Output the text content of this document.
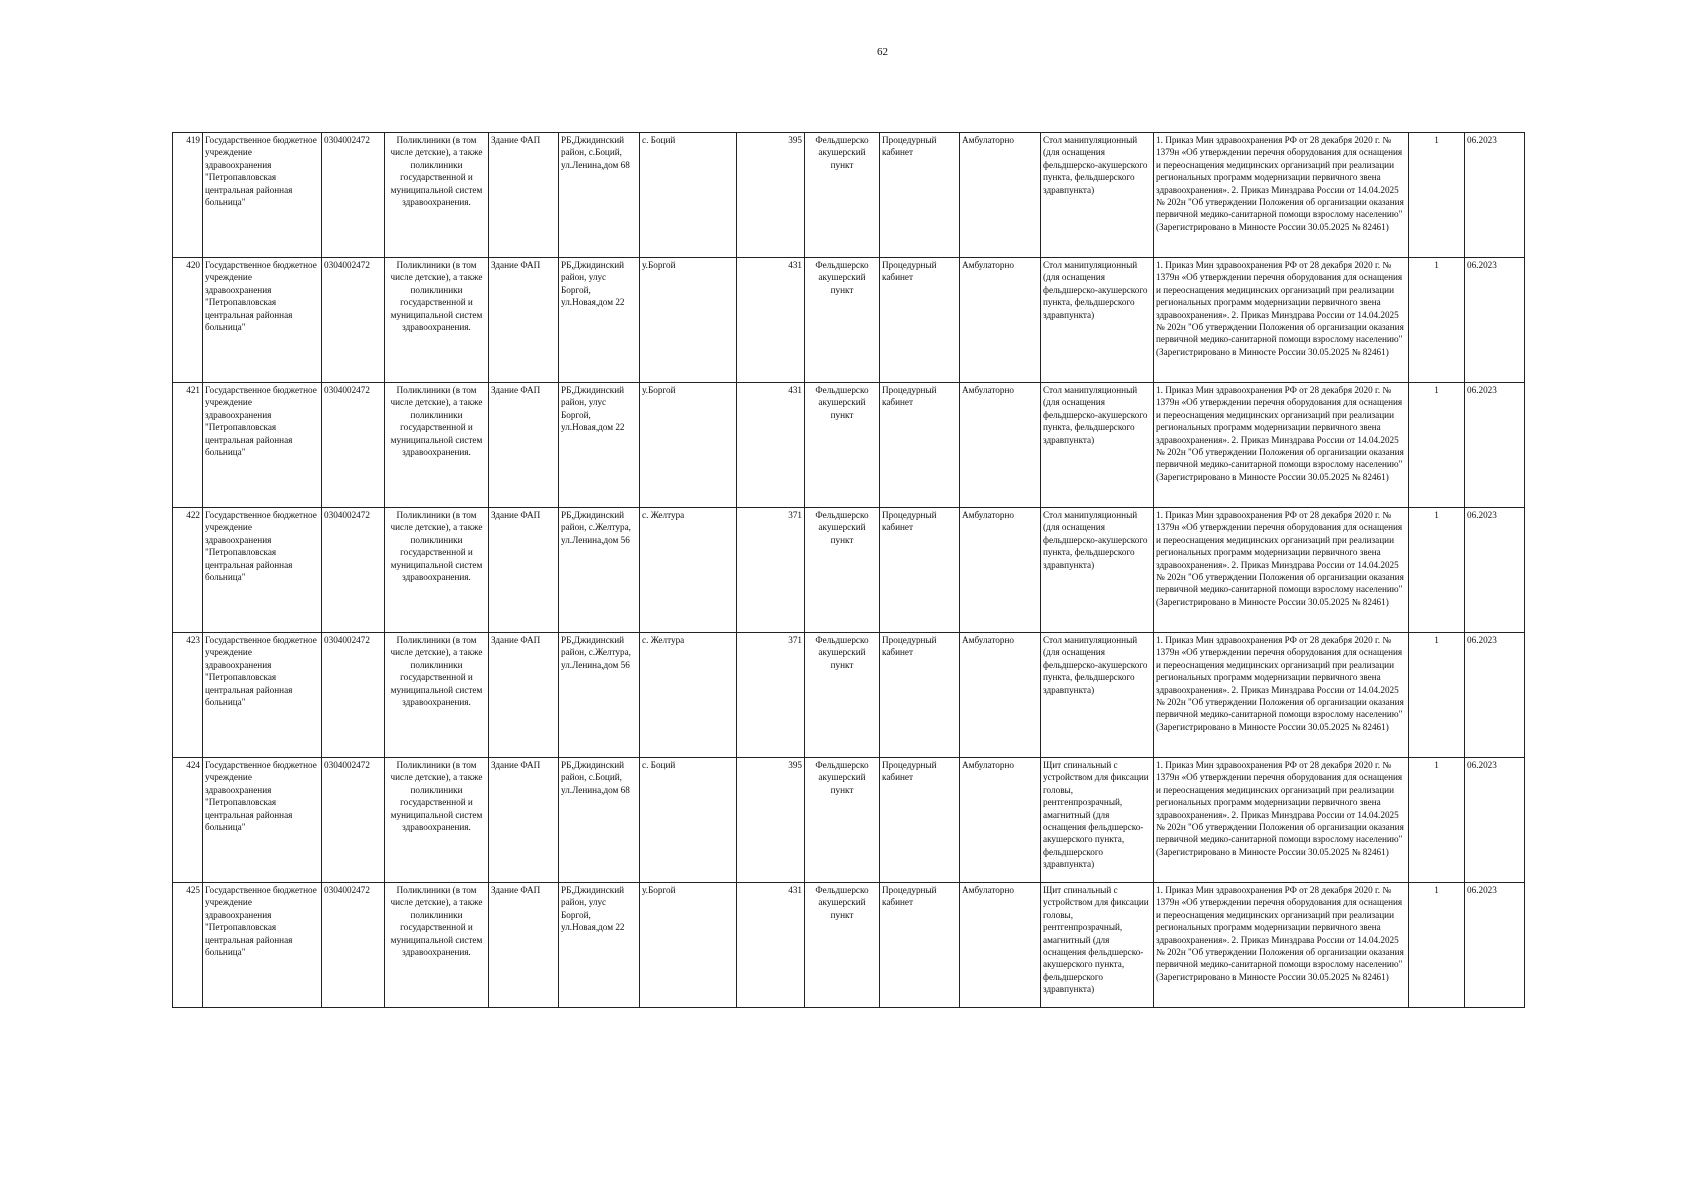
62
419	Государственное бюджетное учреждение здравоохранения "Петропавловская центральная районная больница"	0304002472	Поликлиники (в том числе детские), а также поликлиники государственной и муниципальной систем здравоохранения.	Здание ФАП	РБ,Джидинский район, с.Боций, ул.Ленина,дом 68	с. Боций	395	Фельдшерско акушерский пункт	Процедурный кабинет	Амбулаторно	Стол манипуляционный (для оснащения фельдшерско-акушерского пункта, фельдшерского здравпункта)	1. Приказ Мин здравоохранения РФ от 28 декабря 2020 г. № 1379н «Об утверждении перечня оборудования для оснащения и переоснащения медицинских организаций при реализации региональных программ модернизации первичного звена здравоохранения». 2. Приказ Минздрава России от 14.04.2025 № 202н "Об утверждении Положения об организации оказания первичной медико-санитарной помощи взрослому населению" (Зарегистрировано в Минюсте России 30.05.2025 № 82461)	1	06.2023
420	Государственное бюджетное учреждение здравоохранения "Петропавловская центральная районная больница"	0304002472	Поликлиники (в том числе детские), а также поликлиники государственной и муниципальной систем здравоохранения.	Здание ФАП	РБ,Джидинский район, улус Боргой, ул.Новая,дом 22	у.Боргой	431	Фельдшерско акушерский пункт	Процедурный кабинет	Амбулаторно	Стол манипуляционный (для оснащения фельдшерско-акушерского пункта, фельдшерского здравпункта)	1. Приказ Мин здравоохранения РФ от 28 декабря 2020 г. № 1379н «Об утверждении перечня оборудования для оснащения и переоснащения медицинских организаций при реализации региональных программ модернизации первичного звена здравоохранения». 2. Приказ Минздрава России от 14.04.2025 № 202н "Об утверждении Положения об организации оказания первичной медико-санитарной помощи взрослому населению" (Зарегистрировано в Минюсте России 30.05.2025 № 82461)	1	06.2023
421	Государственное бюджетное учреждение здравоохранения "Петропавловская центральная районная больница"	0304002472	Поликлиники (в том числе детские), а также поликлиники государственной и муниципальной систем здравоохранения.	Здание ФАП	РБ,Джидинский район, улус Боргой, ул.Новая,дом 22	у.Боргой	431	Фельдшерско акушерский пункт	Процедурный кабинет	Амбулаторно	Стол манипуляционный (для оснащения фельдшерско-акушерского пункта, фельдшерского здравпункта)	1. Приказ Мин здравоохранения РФ от 28 декабря 2020 г. № 1379н «Об утверждении перечня оборудования для оснащения и переоснащения медицинских организаций при реализации региональных программ модернизации первичного звена здравоохранения». 2. Приказ Минздрава России от 14.04.2025 № 202н "Об утверждении Положения об организации оказания первичной медико-санитарной помощи взрослому населению" (Зарегистрировано в Минюсте России 30.05.2025 № 82461)	1	06.2023
422	Государственное бюджетное учреждение здравоохранения "Петропавловская центральная районная больница"	0304002472	Поликлиники (в том числе детские), а также поликлиники государственной и муниципальной систем здравоохранения.	Здание ФАП	РБ,Джидинский район, с.Желтура, ул.Ленина,дом 56	с. Желтура	371	Фельдшерско акушерский пункт	Процедурный кабинет	Амбулаторно	Стол манипуляционный (для оснащения фельдшерско-акушерского пункта, фельдшерского здравпункта)	1. Приказ Мин здравоохранения РФ от 28 декабря 2020 г. № 1379н «Об утверждении перечня оборудования для оснащения и переоснащения медицинских организаций при реализации региональных программ модернизации первичного звена здравоохранения». 2. Приказ Минздрава России от 14.04.2025 № 202н "Об утверждении Положения об организации оказания первичной медико-санитарной помощи взрослому населению" (Зарегистрировано в Минюсте России 30.05.2025 № 82461)	1	06.2023
423	Государственное бюджетное учреждение здравоохранения "Петропавловская центральная районная больница"	0304002472	Поликлиники (в том числе детские), а также поликлиники государственной и муниципальной систем здравоохранения.	Здание ФАП	РБ,Джидинский район, с.Желтура, ул.Ленина,дом 56	с. Желтура	371	Фельдшерско акушерский пункт	Процедурный кабинет	Амбулаторно	Стол манипуляционный (для оснащения фельдшерско-акушерского пункта, фельдшерского здравпункта)	1. Приказ Мин здравоохранения РФ от 28 декабря 2020 г. № 1379н «Об утверждении перечня оборудования для оснащения и переоснащения медицинских организаций при реализации региональных программ модернизации первичного звена здравоохранения». 2. Приказ Минздрава России от 14.04.2025 № 202н "Об утверждении Положения об организации оказания первичной медико-санитарной помощи взрослому населению" (Зарегистрировано в Минюсте России 30.05.2025 № 82461)	1	06.2023
424	Государственное бюджетное учреждение здравоохранения "Петропавловская центральная районная больница"	0304002472	Поликлиники (в том числе детские), а также поликлиники государственной и муниципальной систем здравоохранения.	Здание ФАП	РБ,Джидинский район, с.Боций, ул.Ленина,дом 68	с. Боций	395	Фельдшерско акушерский пункт	Процедурный кабинет	Амбулаторно	Щит спинальный с устройством для фиксации головы, рентгенпрозрачный, амагнитный (для оснащения фельдшерско-акушерского пункта, фельдшерского здравпункта)	1. Приказ Мин здравоохранения РФ от 28 декабря 2020 г. № 1379н «Об утверждении перечня оборудования для оснащения и переоснащения медицинских организаций при реализации региональных программ модернизации первичного звена здравоохранения». 2. Приказ Минздрава России от 14.04.2025 № 202н "Об утверждении Положения об организации оказания первичной медико-санитарной помощи взрослому населению" (Зарегистрировано в Минюсте России 30.05.2025 № 82461)	1	06.2023
425	Государственное бюджетное учреждение здравоохранения "Петропавловская центральная районная больница"	0304002472	Поликлиники (в том числе детские), а также поликлиники государственной и муниципальной систем здравоохранения.	Здание ФАП	РБ,Джидинский район, улус Боргой, ул.Новая,дом 22	у.Боргой	431	Фельдшерско акушерский пункт	Процедурный кабинет	Амбулаторно	Щит спинальный с устройством для фиксации головы, рентгенпрозрачный, амагнитный (для оснащения фельдшерско-акушерского пункта, фельдшерского здравпункта)	1. Приказ Мин здравоохранения РФ от 28 декабря 2020 г. № 1379н «Об утверждении перечня оборудования для оснащения и переоснащения медицинских организаций при реализации региональных программ модернизации первичного звена здравоохранения». 2. Приказ Минздрава России от 14.04.2025 № 202н "Об утверждении Положения об организации оказания первичной медико-санитарной помощи взрослому населению" (Зарегистрировано в Минюсте России 30.05.2025 № 82461)	1	06.2023
